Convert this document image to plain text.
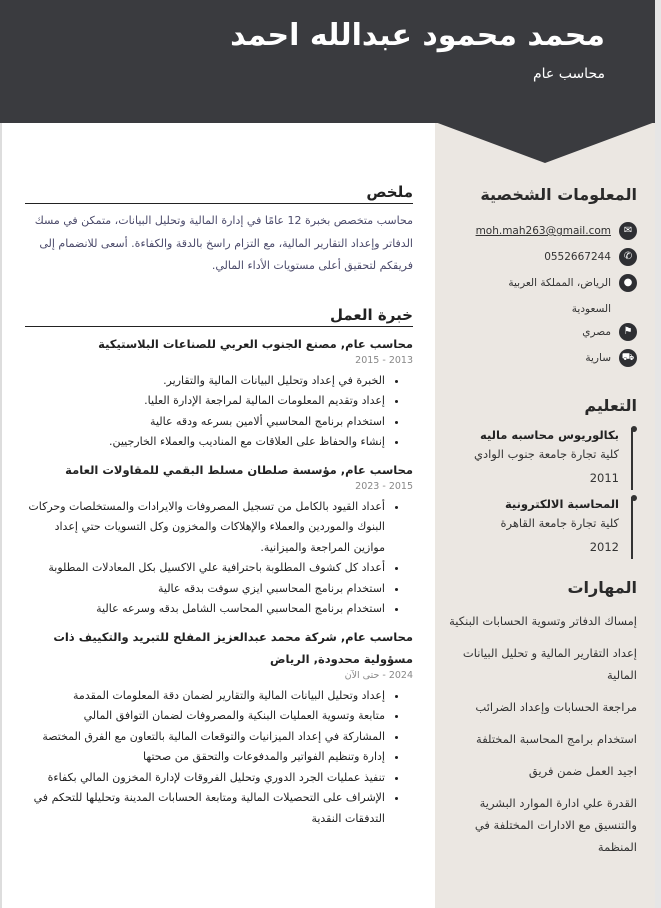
محمد محمود عبدالله احمد
محاسب عام
المعلومات الشخصية
✉
moh.mah263@gmail.com
✆
0552667244
●
الرياض، المملكة العربية السعودية
⚑
مصري
⛟
سارية
التعليم
بكالوريوس محاسبه ماليه
كلية تجارة جامعة جنوب الوادي
2011
المحاسبة الالكترونية
كلية تجارة جامعة القاهرة
2012
المهارات
إمساك الدفاتر وتسوية الحسابات البنكية
إعداد التقارير المالية و تحليل البيانات المالية
مراجعة الحسابات وإعداد الضرائب
استخدام برامج المحاسبة المختلفة
اجيد العمل ضمن فريق
القدرة علي ادارة الموارد البشرية والتنسيق مع الادارات المختلفة في المنظمة
ملخص
محاسب متخصص بخبرة 12 عامًا في إدارة المالية وتحليل البيانات، متمكن في مسك الدفاتر وإعداد التقارير المالية، مع التزام راسخ بالدقة والكفاءة. أسعى للانضمام إلى فريقكم لتحقيق أعلى مستويات الأداء المالي.
خبرة العمل
محاسب عام, مصنع الجنوب العربي للصناعات البلاستيكية
2013 - 2015
• الخبرة في إعداد وتحليل البيانات المالية والتقارير.
• إعداد وتقديم المعلومات المالية لمراجعة الإدارة العليا.
• استخدام برنامج المحاسبي ألامين بسرعه ودقه عالية
• إنشاء والحفاظ على العلاقات مع المناديب والعملاء الخارجيين.
محاسب عام, مؤسسة صلطان مسلط البقمي للمقاولات العامة
2015 - 2023
• أعداد القيود بالكامل من تسجيل المصروفات والايرادات والمستخلصات وحركات البنوك والموردين والعملاء والإهلاكات والمخزون وكل التسويات حتي إعداد موازين المراجعة والميزانية.
• أعداد كل كشوف المطلوبة باحترافية علي الاكسيل بكل المعادلات المطلوبة
• استخدام برنامج المحاسبي ايزي سوفت بدقه عالية
• استخدام برنامج المحاسبي المحاسب الشامل بدقه وسرعه عالية
محاسب عام, شركة محمد عبدالعزيز المفلح للتبريد والتكييف ذات مسؤولية محدودة, الرياض
2024 - حتى الآن
• إعداد وتحليل البيانات المالية والتقارير لضمان دقة المعلومات المقدمة
• متابعة وتسوية العمليات البنكية والمصروفات لضمان التوافق المالي
• المشاركة في إعداد الميزانيات والتوقعات المالية بالتعاون مع الفرق المختصة
• إدارة وتنظيم الفواتير والمدفوعات والتحقق من صحتها
• تنفيذ عمليات الجرد الدوري وتحليل الفروقات لإدارة المخزون المالي بكفاءة
• الإشراف على التحصيلات المالية ومتابعة الحسابات المدينة وتحليلها للتحكم في التدفقات النقدية
